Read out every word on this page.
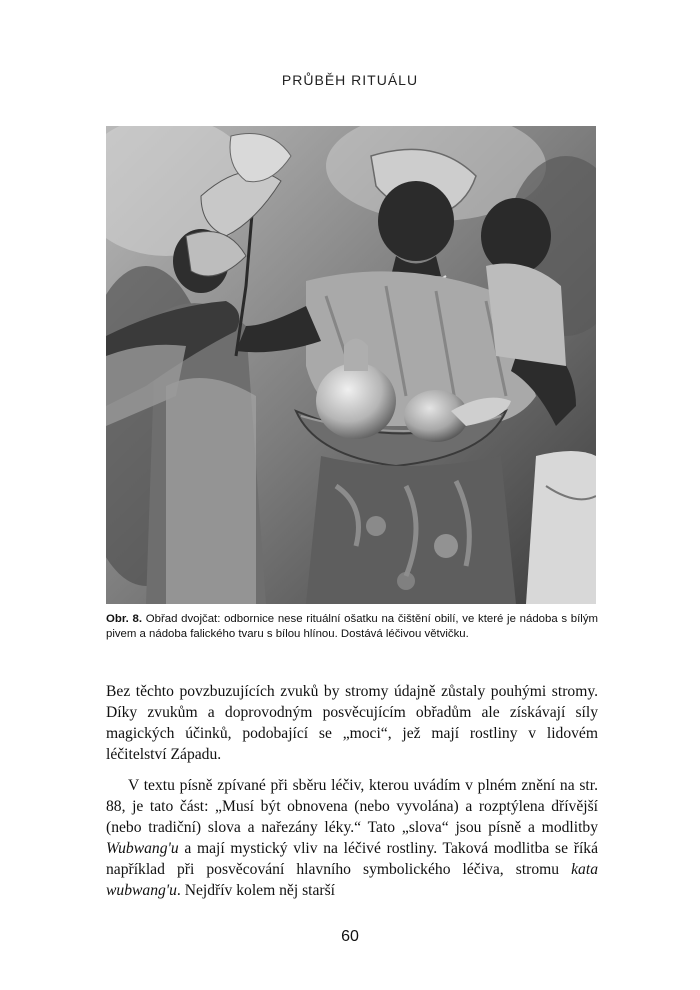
PRŮBĚH RITUÁLU
Obr. 8. Obřad dvojčat: odbornice nese rituální ošatku na čištění obilí, ve které je nádoba s bílým pivem a nádoba falického tvaru s bílou hlínou. Dostává léčivou větvičku.

Bez těchto povzbuzujících zvuků by stromy údajně zůstaly pouhými stromy. Díky zvukům a doprovodným posvěcujícím obřadům ale získávají síly magických účinků, podobající se „moci“, jež mají rostliny v lidovém léčitelství Západu.

V textu písně zpívané při sběru léčiv, kterou uvádím v plném znění na str. 88, je tato část: „Musí být obnovena (nebo vyvolána) a rozptýlena dřívější (nebo tradiční) slova a nařezány léky.“ Tato „slova“ jsou písně a modlitby Wubwang'u a mají mystický vliv na léčivé rostliny. Taková modlitba se říká například při posvěcování hlavního symbolického léčiva, stromu kata wubwang'u. Nejdřív kolem něj starší

60
